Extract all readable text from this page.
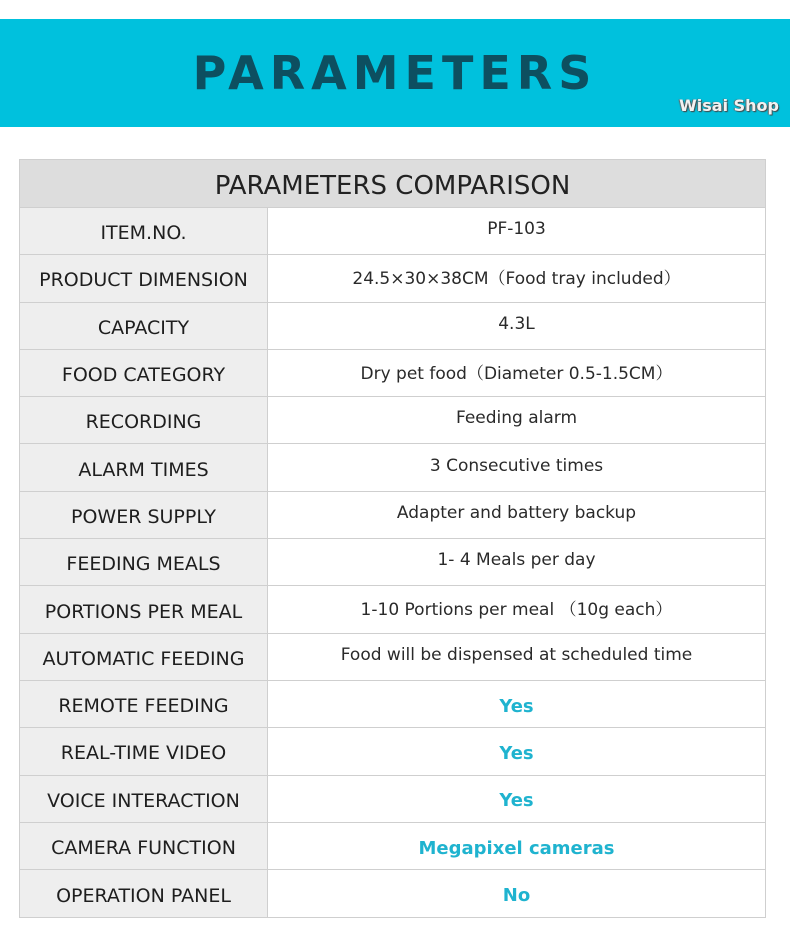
PARAMETERS
Wisai Shop
PARAMETERS COMPARISON
ITEM.NO.	PF-103
PRODUCT DIMENSION	24.5×30×38CM（Food tray included）
CAPACITY	4.3L
FOOD CATEGORY	Dry pet food（Diameter 0.5-1.5CM）
RECORDING	Feeding alarm
ALARM TIMES	3 Consecutive times
POWER SUPPLY	Adapter and battery backup
FEEDING MEALS	1- 4 Meals per day
PORTIONS PER MEAL	1-10 Portions per meal （10g each）
AUTOMATIC FEEDING	Food will be dispensed at scheduled time
REMOTE FEEDING	Yes
REAL-TIME VIDEO	Yes
VOICE INTERACTION	Yes
CAMERA FUNCTION	Megapixel cameras
OPERATION PANEL	No
